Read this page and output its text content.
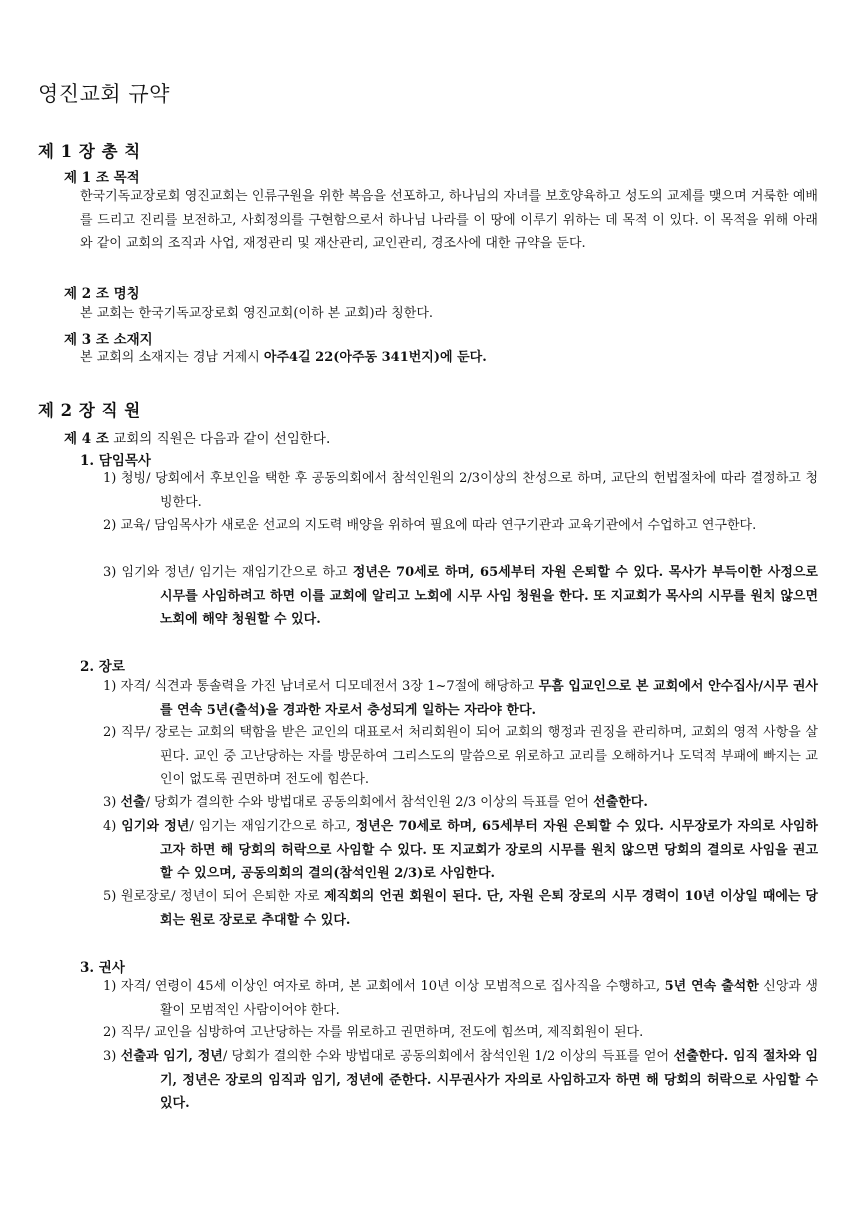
영진교회 규약
제 1 장 총 칙
제 1 조 목적
한국기독교장로회 영진교회는 인류구원을 위한 복음을 선포하고, 하나님의 자녀를 보호양육하고 성도의 교제를 맺으며 거룩한 예배를 드리고 진리를 보전하고, 사회정의를 구현함으로서 하나님 나라를 이 땅에 이루기 위하는 데 목적 이 있다. 이 목적을 위해 아래와 같이 교회의 조직과 사업, 재정관리 및 재산관리, 교인관리, 경조사에 대한 규약을 둔다.
제 2 조 명칭
본 교회는 한국기독교장로회 영진교회(이하 본 교회)라 칭한다.
제 3 조 소재지
본 교회의 소재지는 경남 거제시 아주4길 22(아주동 341번지)에 둔다.
제 2 장 직 원
제 4 조 교회의 직원은 다음과 같이 선임한다.
1. 담임목사
1) 청빙/ 당회에서 후보인을 택한 후 공동의회에서 참석인원의 2/3이상의 찬성으로 하며, 교단의 헌법절차에 따라 결정하고 청빙한다.
2) 교육/ 담임목사가 새로운 선교의 지도력 배양을 위하여 필요에 따라 연구기관과 교육기관에서 수업하고 연구한다.
3) 임기와 정년/ 임기는 재임기간으로 하고 정년은 70세로 하며, 65세부터 자원 은퇴할 수 있다. 목사가 부득이한 사정으로 시무를 사임하려고 하면 이를 교회에 알리고 노회에 시무 사임 청원을 한다. 또 지교회가 목사의 시무를 원치 않으면 노회에 해약 청원할 수 있다.
2. 장로
1) 자격/ 식견과 통솔력을 가진 남녀로서 디모데전서 3장 1~7절에 해당하고 무흠 입교인으로 본 교회에서 안수집사/시무 권사를 연속 5년(출석)을 경과한 자로서 충성되게 일하는 자라야 한다.
2) 직무/ 장로는 교회의 택함을 받은 교인의 대표로서 처리회원이 되어 교회의 행정과 권징을 관리하며, 교회의 영적 사항을 살핀다. 교인 중 고난당하는 자를 방문하여 그리스도의 말씀으로 위로하고 교리를 오해하거나 도덕적 부패에 빠지는 교인이 없도록 권면하며 전도에 힘쓴다.
3) 선출/ 당회가 결의한 수와 방법대로 공동의회에서 참석인원 2/3 이상의 득표를 얻어 선출한다.
4) 임기와 정년/ 임기는 재임기간으로 하고, 정년은 70세로 하며, 65세부터 자원 은퇴할 수 있다. 시무장로가 자의로 사임하고자 하면 해 당회의 허락으로 사임할 수 있다. 또 지교회가 장로의 시무를 원치 않으면 당회의 결의로 사임을 권고할 수 있으며, 공동의회의 결의(참석인원 2/3)로 사임한다.
5) 원로장로/ 정년이 되어 은퇴한 자로 제직회의 언권 회원이 된다. 단, 자원 은퇴 장로의 시무 경력이 10년 이상일 때에는 당회는 원로 장로로 추대할 수 있다.
3. 권사
1) 자격/ 연령이 45세 이상인 여자로 하며, 본 교회에서 10년 이상 모범적으로 집사직을 수행하고, 5년 연속 출석한 신앙과 생활이 모범적인 사람이어야 한다.
2) 직무/ 교인을 심방하여 고난당하는 자를 위로하고 권면하며, 전도에 힘쓰며, 제직회원이 된다.
3) 선출과 임기, 정년/ 당회가 결의한 수와 방법대로 공동의회에서 참석인원 1/2 이상의 득표를 얻어 선출한다. 임직 절차와 임기, 정년은 장로의 임직과 임기, 정년에 준한다. 시무권사가 자의로 사임하고자 하면 해 당회의 허락으로 사임할 수 있다.
